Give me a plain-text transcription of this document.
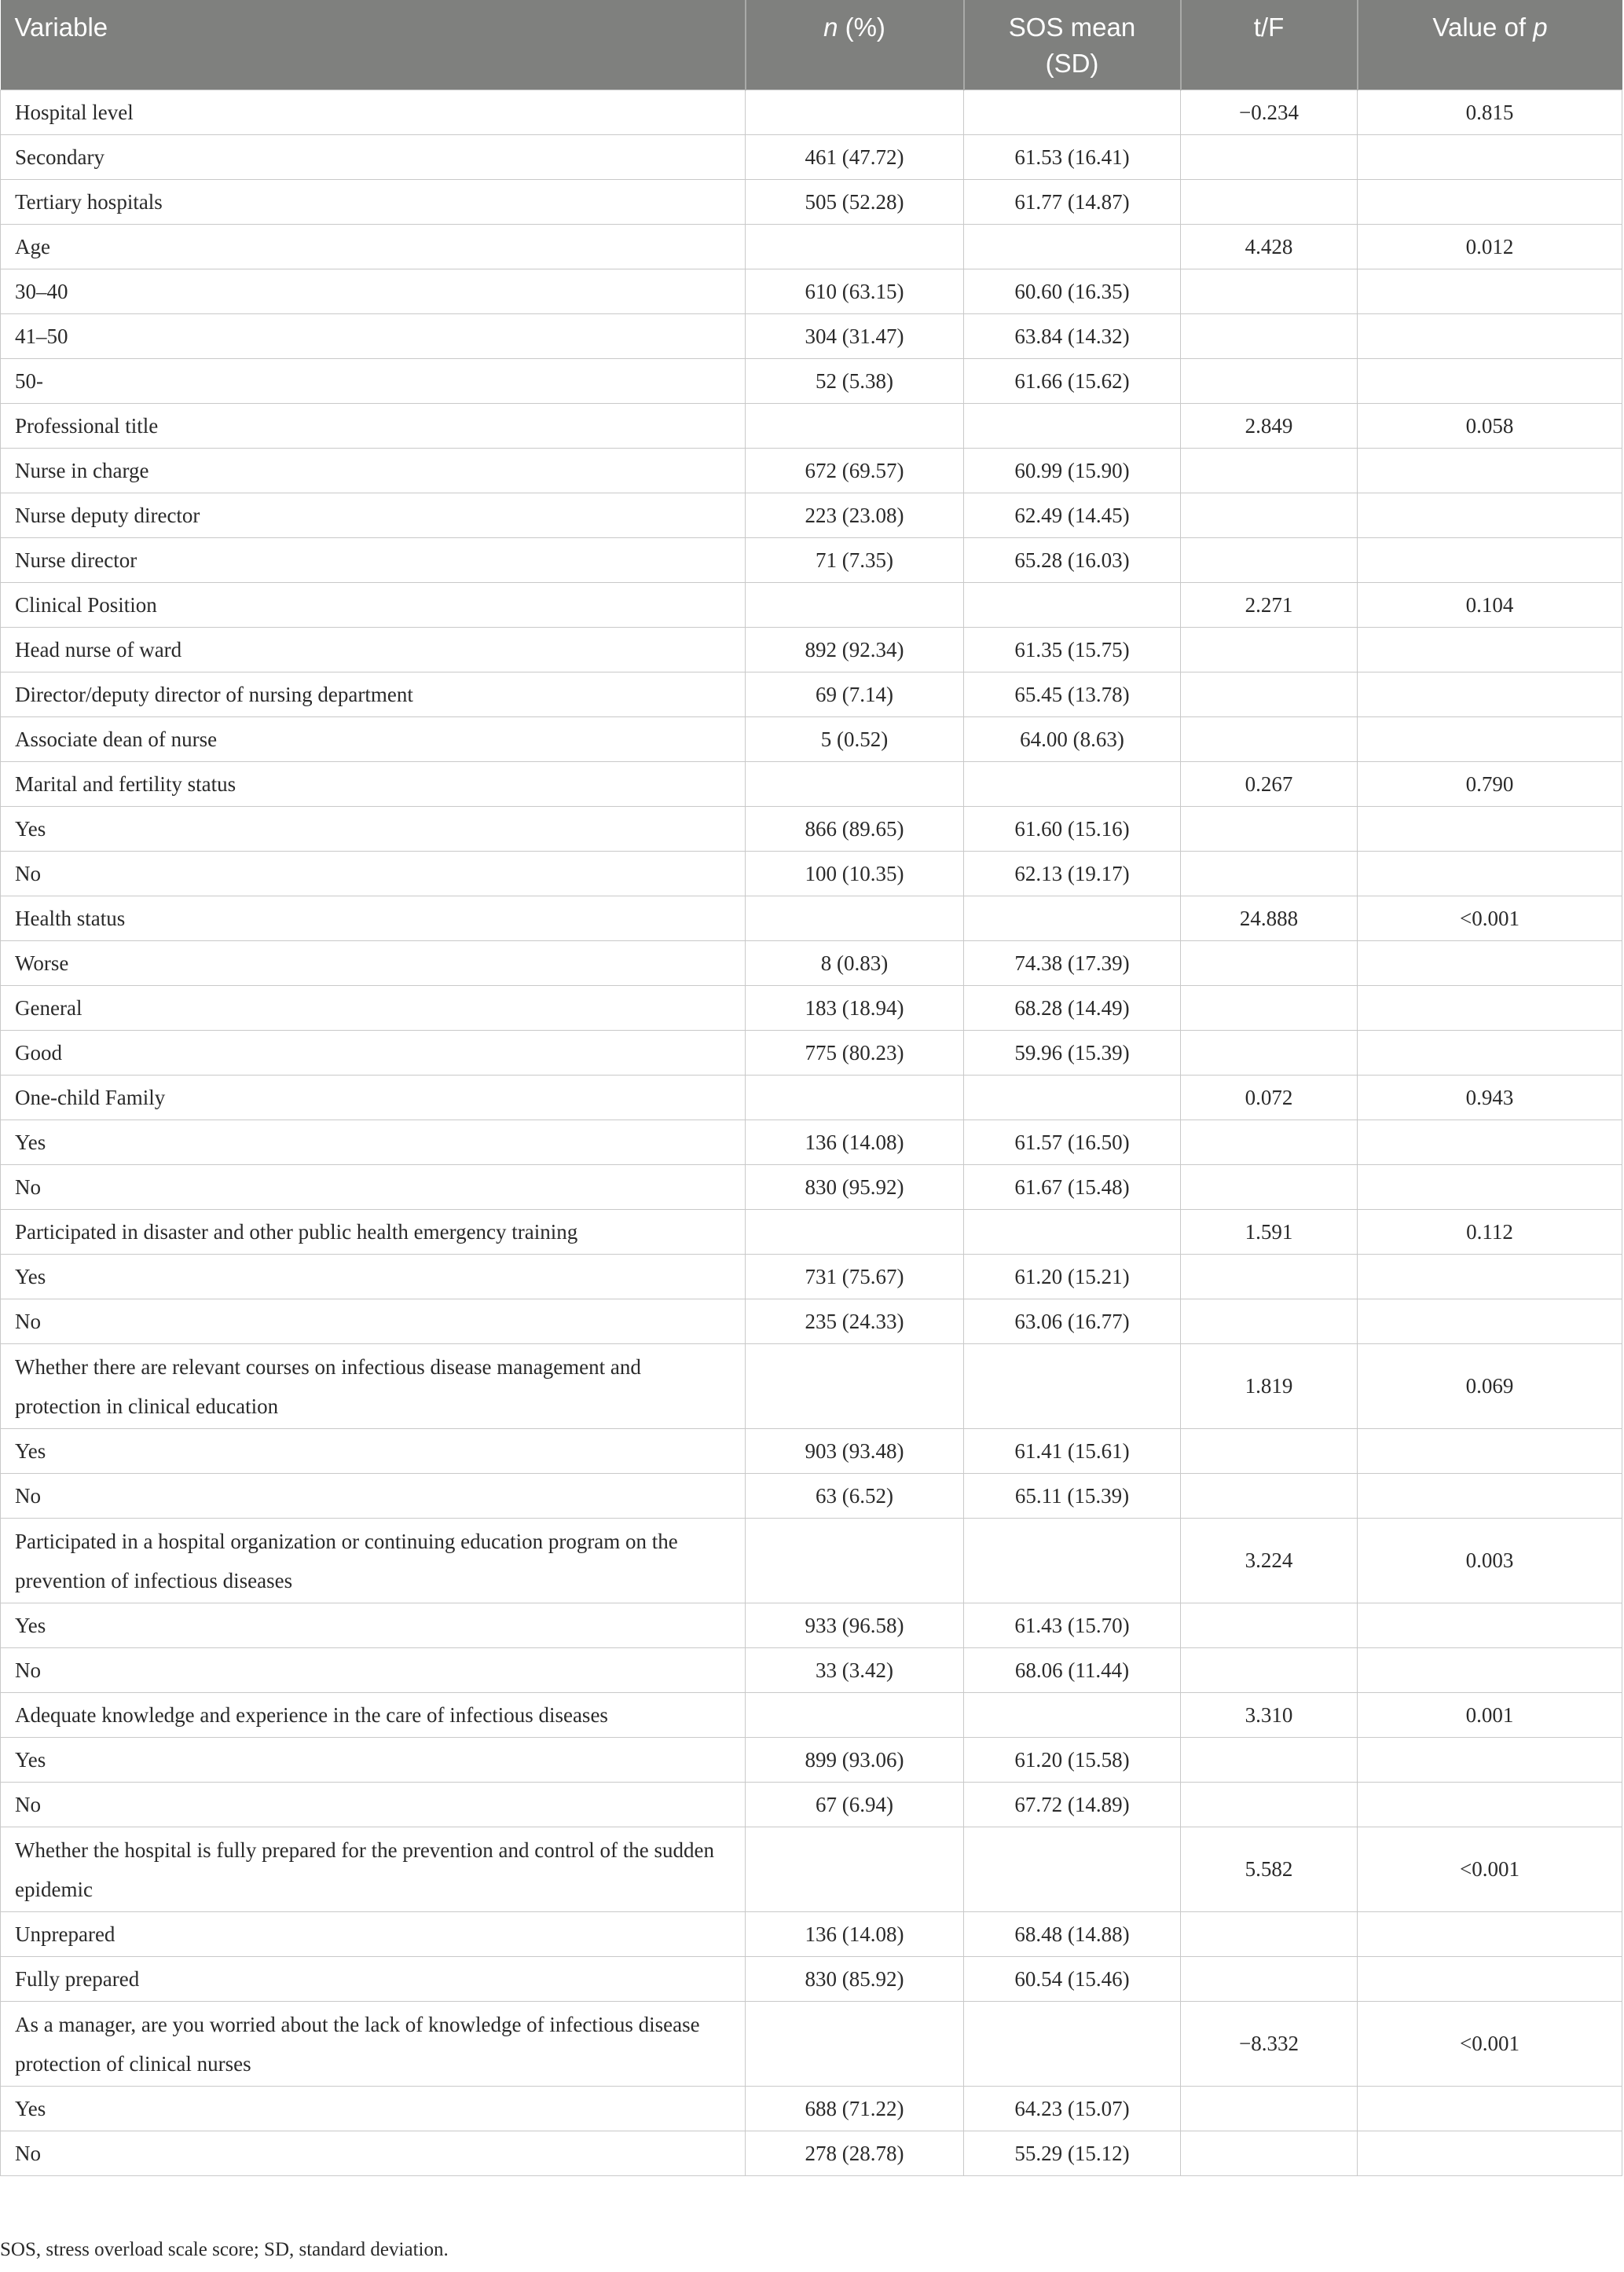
Variable	n (%)	SOS mean (SD)	t/F	Value of p
Hospital level			−0.234	0.815
Secondary	461 (47.72)	61.53 (16.41)		
Tertiary hospitals	505 (52.28)	61.77 (14.87)		
Age			4.428	0.012
30–40	610 (63.15)	60.60 (16.35)		
41–50	304 (31.47)	63.84 (14.32)		
50-	52 (5.38)	61.66 (15.62)		
Professional title			2.849	0.058
Nurse in charge	672 (69.57)	60.99 (15.90)		
Nurse deputy director	223 (23.08)	62.49 (14.45)		
Nurse director	71 (7.35)	65.28 (16.03)		
Clinical Position			2.271	0.104
Head nurse of ward	892 (92.34)	61.35 (15.75)		
Director/deputy director of nursing department	69 (7.14)	65.45 (13.78)		
Associate dean of nurse	5 (0.52)	64.00 (8.63)		
Marital and fertility status			0.267	0.790
Yes	866 (89.65)	61.60 (15.16)		
No	100 (10.35)	62.13 (19.17)		
Health status			24.888	<0.001
Worse	8 (0.83)	74.38 (17.39)		
General	183 (18.94)	68.28 (14.49)		
Good	775 (80.23)	59.96 (15.39)		
One-child Family			0.072	0.943
Yes	136 (14.08)	61.57 (16.50)		
No	830 (95.92)	61.67 (15.48)		
Participated in disaster and other public health emergency training			1.591	0.112
Yes	731 (75.67)	61.20 (15.21)		
No	235 (24.33)	63.06 (16.77)		
Whether there are relevant courses on infectious disease management and protection in clinical education			1.819	0.069
Yes	903 (93.48)	61.41 (15.61)		
No	63 (6.52)	65.11 (15.39)		
Participated in a hospital organization or continuing education program on the prevention of infectious diseases			3.224	0.003
Yes	933 (96.58)	61.43 (15.70)		
No	33 (3.42)	68.06 (11.44)		
Adequate knowledge and experience in the care of infectious diseases			3.310	0.001
Yes	899 (93.06)	61.20 (15.58)		
No	67 (6.94)	67.72 (14.89)		
Whether the hospital is fully prepared for the prevention and control of the sudden epidemic			5.582	<0.001
Unprepared	136 (14.08)	68.48 (14.88)		
Fully prepared	830 (85.92)	60.54 (15.46)		
As a manager, are you worried about the lack of knowledge of infectious disease protection of clinical nurses			−8.332	<0.001
Yes	688 (71.22)	64.23 (15.07)		
No	278 (28.78)	55.29 (15.12)		
SOS, stress overload scale score; SD, standard deviation.
